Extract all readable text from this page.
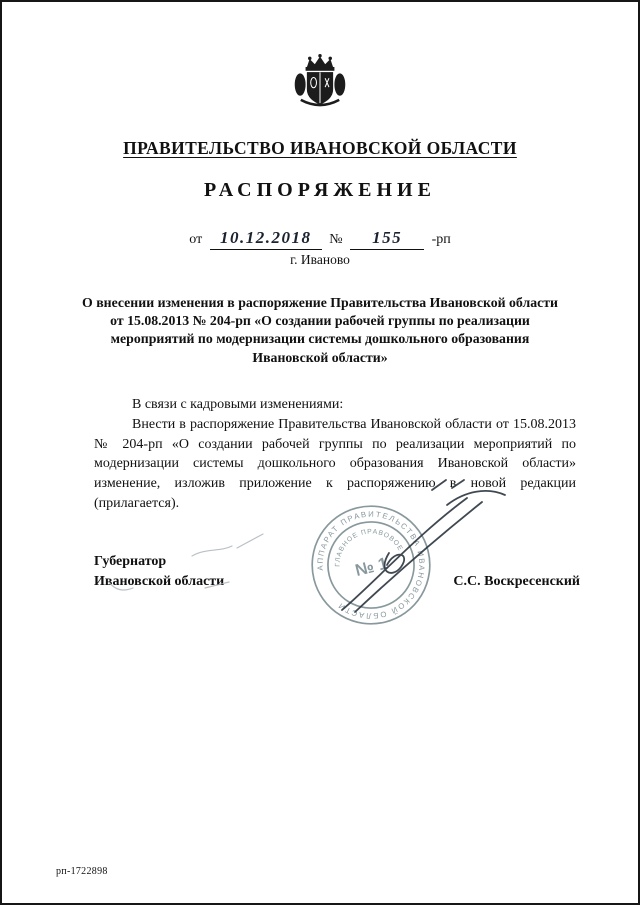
ПРАВИТЕЛЬСТВО ИВАНОВСКОЙ ОБЛАСТИ
РАСПОРЯЖЕНИЕ
от 10.12.2018 № 155 -рп
г. Иваново
О внесении изменения в распоряжение Правительства Ивановской области от 15.08.2013 № 204-рп «О создании рабочей группы по реализации мероприятий по модернизации системы дошкольного образования Ивановской области»

В связи с кадровыми изменениями:

Внести в распоряжение Правительства Ивановской области от 15.08.2013 № 204-рп «О создании рабочей группы по реализации мероприятий по модернизации системы дошкольного образования Ивановской области» изменение, изложив приложение к распоряжению в новой редакции (прилагается).

Губернатор
Ивановской области	С.С. Воскресенский
АППАРАТ ПРАВИТЕЛЬСТВА ИВАНОВСКОЙ ОБЛАСТИ
ГЛАВНОЕ ПРАВОВОЕ
№ 1
рп-1722898
